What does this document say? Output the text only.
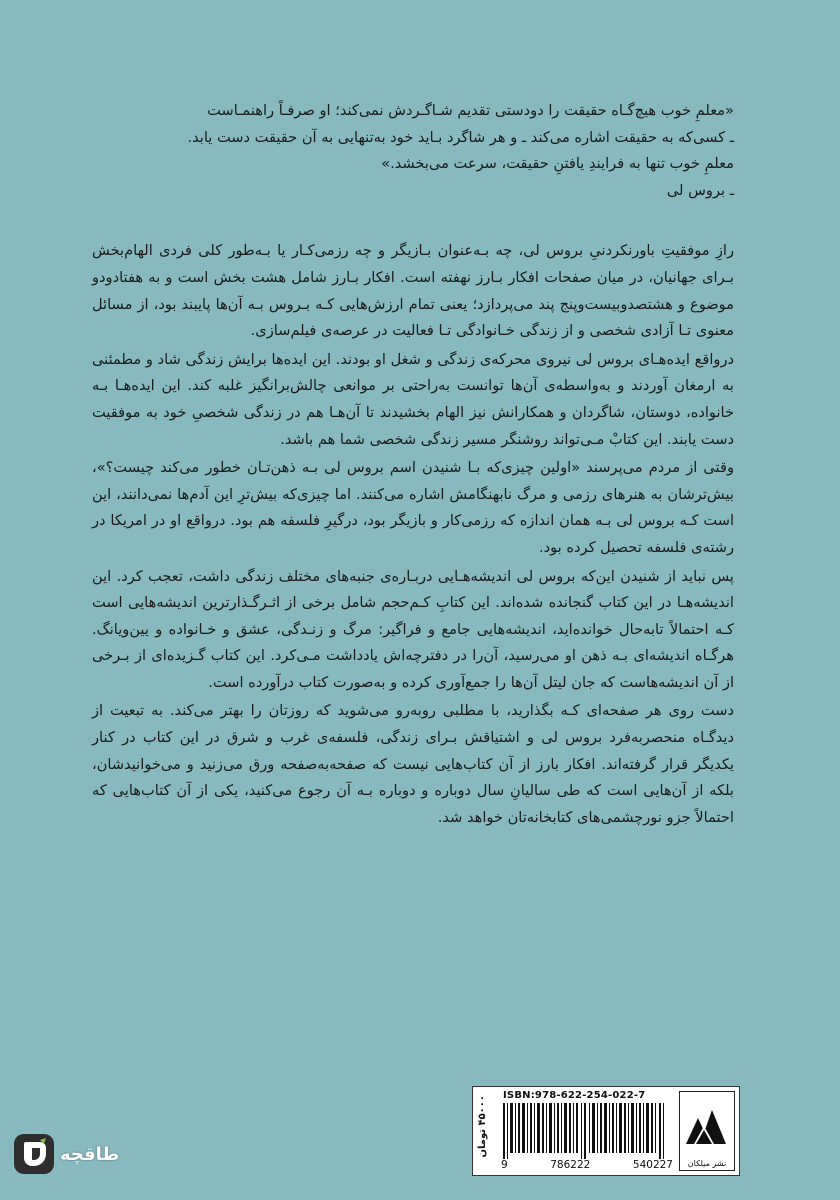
«معلمِ خوب هیچ‌گـاه حقیقت را دودستی تقدیم شـاگـردش نمی‌کند؛ او صرفـاً راهنمـاست

ـ کسی‌که به حقیقت اشاره می‌کند ـ و هر شاگرد بـاید خود به‌تنهایی به آن حقیقت دست یابد.

معلمِ خوب تنها به فرایندِ یافتنِ حقیقت، سرعت می‌بخشد.»

ـ بروس لی

رازِ موفقیتِ باورنکردنیِ بروس لی، چه بـه‌عنوان بـازیگر و چه رزمی‌کـار یا بـه‌طور کلی فردی الهام‌بخش بـرای جهانیان، در میان صفحات افکار بـارز نهفته است. افکار بـارز شامل هشت بخش است و به هفتادودو موضوع و هشتصدوبیست‌وپنج پند می‌پردازد؛ یعنی تمام ارزش‌هایی کـه بـروس بـه آن‌ها پایبند بود، از مسائل معنوی تـا آزادی شخصی و از زندگی خـانوادگی تـا فعالیت در عرصه‌ی فیلم‌سازی.

درواقع ایده‌هـای بروس لی نیروی محرکه‌ی زندگی و شغل او بودند. این ایده‌ها برایش زندگی شاد و مطمئنی به ارمغان آوردند و به‌واسطه‌ی آن‌ها توانست به‌راحتی بر موانعی چالش‌برانگیز غلبه کند. این ایده‌هـا بـه خانواده، دوستان، شاگردان و همکارانش نیز الهام بخشیدند تا آن‌هـا هم در زندگی شخصیِ خود به موفقیت دست یابند. این کتابْ مـی‌تواند روشنگر مسیر زندگی شخصی شما هم باشد.

وقتی از مردم می‌پرسند «اولین چیزی‌که بـا شنیدن اسم بروس لی بـه ذهن‌تـان خطور می‌کند چیست؟»، بیش‌ترشان به هنرهای رزمی و مرگ نابهنگامش اشاره می‌کنند. اما چیزی‌که بیش‌ترِ این آدم‌ها نمی‌دانند، این است کـه بروس لی بـه همان اندازه که رزمی‌کار و بازیگر بود، درگیرِ فلسفه هم بود. درواقع او در امریکا در رشته‌ی فلسفه تحصیل کرده بود.

پس نباید از شنیدن این‌که بروس لی اندیشه‌هـایی دربـاره‌ی جنبه‌های مختلف زندگی داشت، تعجب کرد. این اندیشه‌هـا در این کتاب گنجانده شده‌اند. این کتابِ کـم‌حجم شامل برخی از اثـرگـذارترین اندیشه‌هایی است کـه احتمالاً تابه‌حال خوانده‌اید، اندیشه‌هایی جامع و فراگیر: مرگ و زنـدگی، عشق و خـانواده و یین‌ویانگ. هرگـاه اندیشه‌ای بـه ذهن او می‌رسید، آن‌را در دفترچه‌اش یادداشت مـی‌کرد. این کتاب گـزیده‌ای از بـرخی از آن اندیشه‌هاست که جان لیتل آن‌ها را جمع‌آوری کرده و به‌صورت کتاب درآورده است.

دست روی هر صفحه‌ای کـه بگذارید، با مطلبی روبه‌رو می‌شوید که روزتان را بهتر می‌کند. به تبعیت از دیدگـاه منحصربه‌فرد بروس لی و اشتیاقش بـرای زندگی، فلسفه‌ی غرب و شرق در این کتاب در کنار یکدیگر قرار گرفته‌اند. افکار بارز از آن کتاب‌هایی نیست که صفحه‌به‌صفحه ورق می‌زنید و می‌خوانیدشان، بلکه از آن‌هایی است که طی سالیانِ سال دوباره و دوباره بـه آن رجوع می‌کنید، یکی از آن کتاب‌هایی که احتمالاً جزو نورچشمی‌های کتابخانه‌تان خواهد شد.

۴۵۰۰۰ تومان	ISBN:978-622-254-022-7
9	786222	540227	نشر میلکان
طاقچه
